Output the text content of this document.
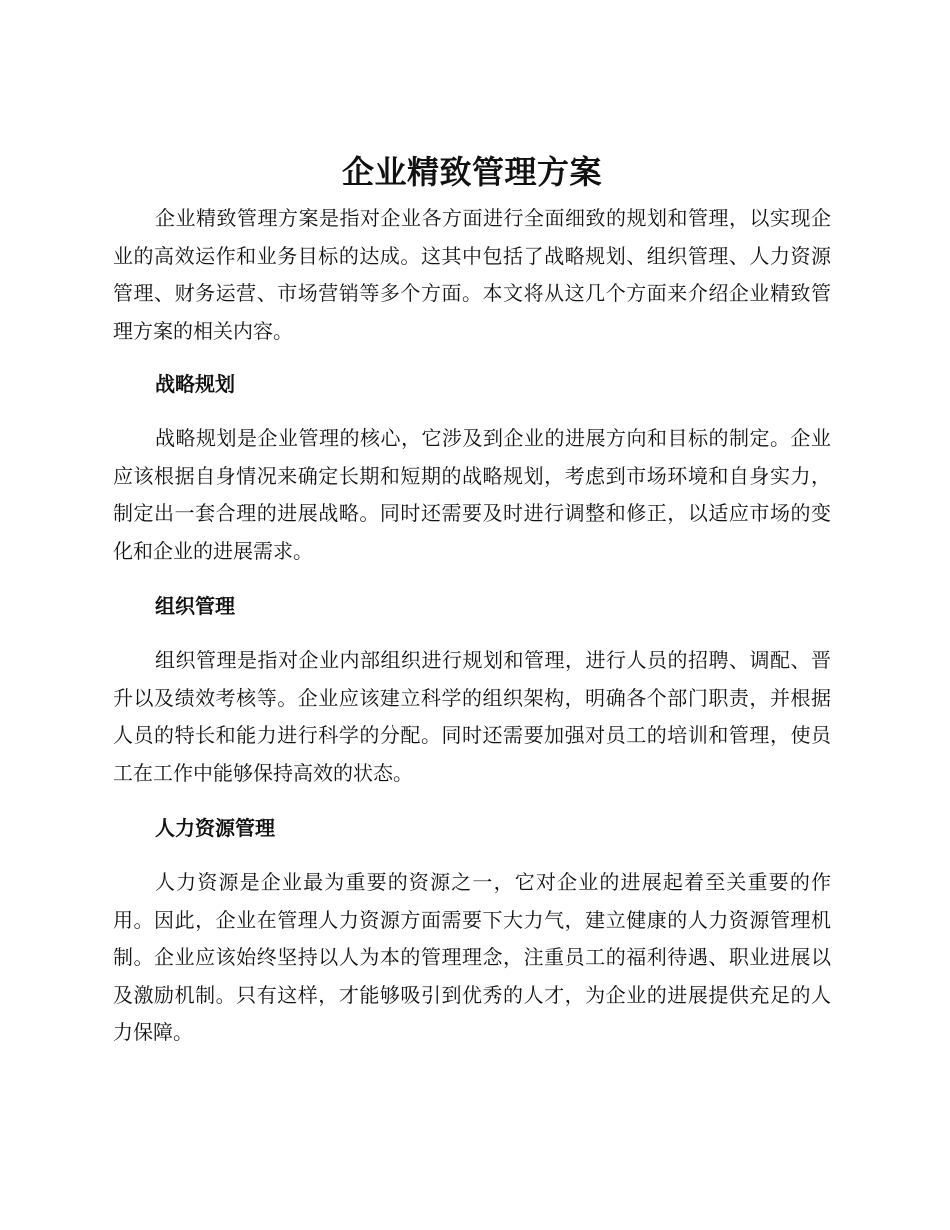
企业精致管理方案

企业精致管理方案是指对企业各方面进行全面细致的规划和管理，以实现企业的高效运作和业务目标的达成。这其中包括了战略规划、组织管理、人力资源管理、财务运营、市场营销等多个方面。本文将从这几个方面来介绍企业精致管理方案的相关内容。

战略规划

战略规划是企业管理的核心，它涉及到企业的进展方向和目标的制定。企业应该根据自身情况来确定长期和短期的战略规划，考虑到市场环境和自身实力，制定出一套合理的进展战略。同时还需要及时进行调整和修正，以适应市场的变化和企业的进展需求。

组织管理

组织管理是指对企业内部组织进行规划和管理，进行人员的招聘、调配、晋升以及绩效考核等。企业应该建立科学的组织架构，明确各个部门职责，并根据人员的特长和能力进行科学的分配。同时还需要加强对员工的培训和管理，使员工在工作中能够保持高效的状态。

人力资源管理

人力资源是企业最为重要的资源之一，它对企业的进展起着至关重要的作用。因此，企业在管理人力资源方面需要下大力气，建立健康的人力资源管理机制。企业应该始终坚持以人为本的管理理念，注重员工的福利待遇、职业进展以及激励机制。只有这样，才能够吸引到优秀的人才，为企业的进展提供充足的人力保障。
